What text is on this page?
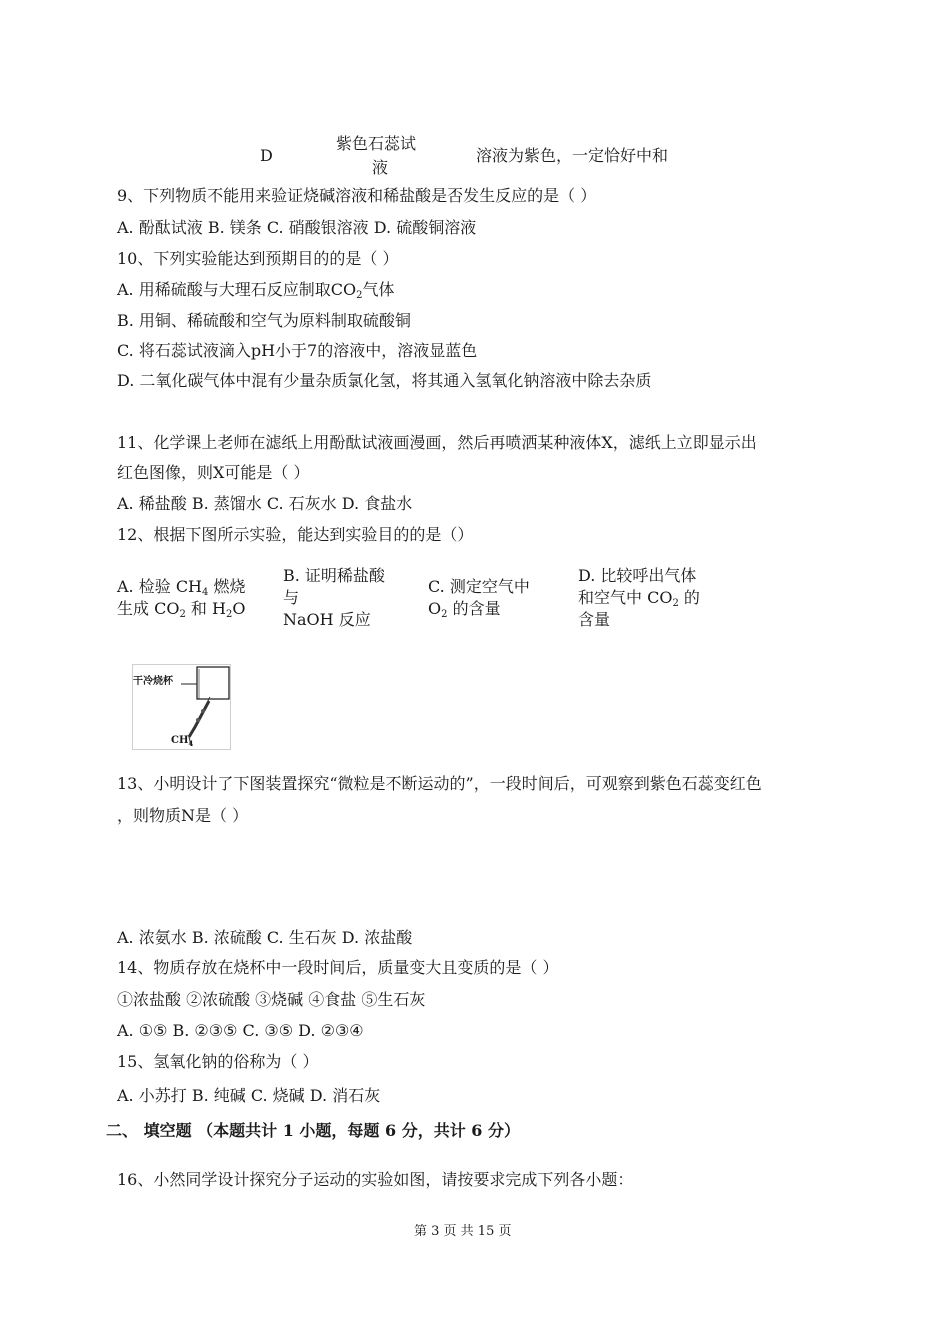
D
紫色石蕊试
液
溶液为紫色，一定恰好中和
9、下列物质不能用来验证烧碱溶液和稀盐酸是否发生反应的是（ ）
A. 酚酞试液 B. 镁条 C. 硝酸银溶液 D. 硫酸铜溶液
10、下列实验能达到预期目的的是（ ）
A. 用稀硫酸与大理石反应制取$CO_2$气体
B. 用铜、稀硫酸和空气为原料制取硫酸铜
C. 将石蕊试液滴入pH小于7的溶液中，溶液显蓝色
D. 二氧化碳气体中混有少量杂质氯化氢，将其通入氢氧化钠溶液中除去杂质
11、化学课上老师在滤纸上用酚酞试液画漫画，然后再喷洒某种液体X，滤纸上立即显示出
红色图像，则X可能是（ ）
A. 稀盐酸 B. 蒸馏水 C. 石灰水 D. 食盐水
12、根据下图所示实验，能达到实验目的的是（）
A. 检验 $CH_4$ 燃烧
生成 $CO_2$ 和 $H_2O$
B. 证明稀盐酸
与
NaOH 反应
C. 测定空气中
$O_2$ 的含量
D. 比较呼出气体
和空气中 $CO_2$ 的
含量
干冷烧杯
$CH_4$
13、小明设计了下图装置探究“微粒是不断运动的”，一段时间后，可观察到紫色石蕊变红色
，则物质N是（ ）
A. 浓氨水 B. 浓硫酸 C. 生石灰 D. 浓盐酸
14、物质存放在烧杯中一段时间后，质量变大且变质的是（ ）
①浓盐酸 ②浓硫酸 ③烧碱 ④食盐 ⑤生石灰
A. ①⑤ B. ②③⑤ C. ③⑤ D. ②③④
15、氢氧化钠的俗称为（ ）
A. 小苏打 B. 纯碱 C. 烧碱 D. 消石灰
二、 填空题 （本题共计 1 小题，每题 6 分，共计 6 分）
16、小然同学设计探究分子运动的实验如图，请按要求完成下列各小题：
第 3 页 共 15 页
